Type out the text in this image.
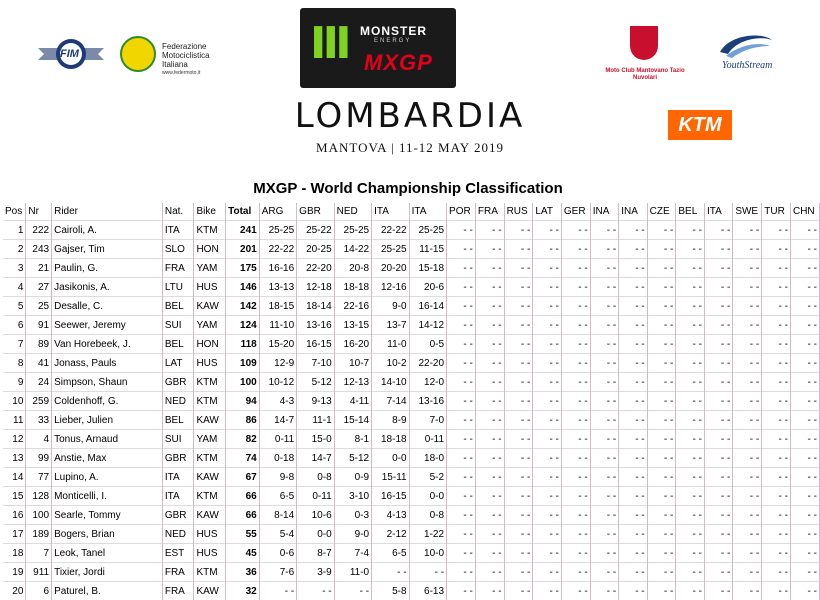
FIM
Federazione Motociclistica Italiana
www.federmoto.it
Ⅲ MONSTER
ENERGY
MXGP
LOMBARDIA
MANTOVA | 11-12 MAY 2019
Moto Club Mantovano Tazio Nuvolari
YouthStream
KTM
MXGP - World Championship Classification
Pos	Nr	Rider	Nat.	Bike	Total	ARG	GBR	NED	ITA	ITA	POR	FRA	RUS	LAT	GER	INA	INA	CZE	BEL	ITA	SWE	TUR	CHN
1	222	Cairoli, A.	ITA	KTM	241	25-25	25-22	25-25	22-22	25-25	- -	- -	- -	- -	- -	- -	- -	- -	- -	- -	- -	- -	- -
2	243	Gajser, Tim	SLO	HON	201	22-22	20-25	14-22	25-25	11-15	- -	- -	- -	- -	- -	- -	- -	- -	- -	- -	- -	- -	- -
3	21	Paulin, G.	FRA	YAM	175	16-16	22-20	20-8	20-20	15-18	- -	- -	- -	- -	- -	- -	- -	- -	- -	- -	- -	- -	- -
4	27	Jasikonis, A.	LTU	HUS	146	13-13	12-18	18-18	12-16	20-6	- -	- -	- -	- -	- -	- -	- -	- -	- -	- -	- -	- -	- -
5	25	Desalle, C.	BEL	KAW	142	18-15	18-14	22-16	9-0	16-14	- -	- -	- -	- -	- -	- -	- -	- -	- -	- -	- -	- -	- -
6	91	Seewer, Jeremy	SUI	YAM	124	11-10	13-16	13-15	13-7	14-12	- -	- -	- -	- -	- -	- -	- -	- -	- -	- -	- -	- -	- -
7	89	Van Horebeek, J.	BEL	HON	118	15-20	16-15	16-20	11-0	0-5	- -	- -	- -	- -	- -	- -	- -	- -	- -	- -	- -	- -	- -
8	41	Jonass, Pauls	LAT	HUS	109	12-9	7-10	10-7	10-2	22-20	- -	- -	- -	- -	- -	- -	- -	- -	- -	- -	- -	- -	- -
9	24	Simpson, Shaun	GBR	KTM	100	10-12	5-12	12-13	14-10	12-0	- -	- -	- -	- -	- -	- -	- -	- -	- -	- -	- -	- -	- -
10	259	Coldenhoff, G.	NED	KTM	94	4-3	9-13	4-11	7-14	13-16	- -	- -	- -	- -	- -	- -	- -	- -	- -	- -	- -	- -	- -
11	33	Lieber, Julien	BEL	KAW	86	14-7	11-1	15-14	8-9	7-0	- -	- -	- -	- -	- -	- -	- -	- -	- -	- -	- -	- -	- -
12	4	Tonus, Arnaud	SUI	YAM	82	0-11	15-0	8-1	18-18	0-11	- -	- -	- -	- -	- -	- -	- -	- -	- -	- -	- -	- -	- -
13	99	Anstie, Max	GBR	KTM	74	0-18	14-7	5-12	0-0	18-0	- -	- -	- -	- -	- -	- -	- -	- -	- -	- -	- -	- -	- -
14	77	Lupino, A.	ITA	KAW	67	9-8	0-8	0-9	15-11	5-2	- -	- -	- -	- -	- -	- -	- -	- -	- -	- -	- -	- -	- -
15	128	Monticelli, I.	ITA	KTM	66	6-5	0-11	3-10	16-15	0-0	- -	- -	- -	- -	- -	- -	- -	- -	- -	- -	- -	- -	- -
16	100	Searle, Tommy	GBR	KAW	66	8-14	10-6	0-3	4-13	0-8	- -	- -	- -	- -	- -	- -	- -	- -	- -	- -	- -	- -	- -
17	189	Bogers, Brian	NED	HUS	55	5-4	0-0	9-0	2-12	1-22	- -	- -	- -	- -	- -	- -	- -	- -	- -	- -	- -	- -	- -
18	7	Leok, Tanel	EST	HUS	45	0-6	8-7	7-4	6-5	10-0	- -	- -	- -	- -	- -	- -	- -	- -	- -	- -	- -	- -	- -
19	911	Tixier, Jordi	FRA	KTM	36	7-6	3-9	11-0	- -	- -	- -	- -	- -	- -	- -	- -	- -	- -	- -	- -	- -	- -	- -
20	6	Paturel, B.	FRA	KAW	32	- -	- -	- -	5-8	6-13	- -	- -	- -	- -	- -	- -	- -	- -	- -	- -	- -	- -	- -
